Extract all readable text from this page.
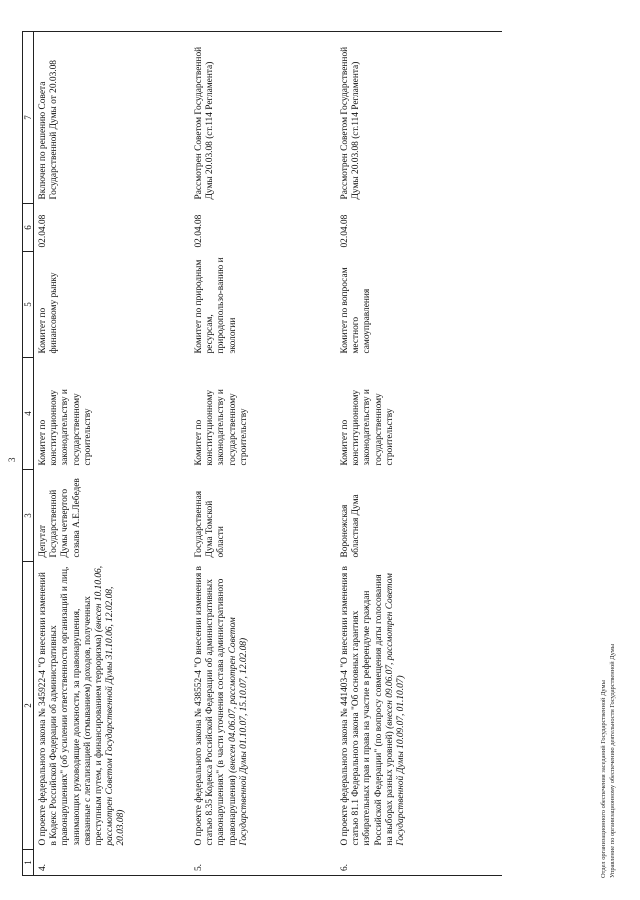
3
1	2	3	4	5	6	7
4.	О проекте федерального закона № 345922-4 "О внесении изменений в Кодекс Российской Федерации об административных правонарушениях" (об усилении ответственности организаций и лиц, занимающих руководящие должности, за правонарушения, связанные с легализацией (отмыванием) доходов, полученных преступным путем, и финансированием терроризма) (внесен 10.10.06, рассмотрен Советом Государственной Думы 31.10.06, 12.02.08, 20.03.08)	Депутат Государственной Думы четвертого созыва А.Е.Лебедев	Комитет по конституционному законодательству и государственному строительству	Комитет по финансовому рынку	02.04.08	Включен по решению Совета Государственной Думы от 20.03.08
5.	О проекте федерального закона № 438552-4 "О внесении изменения в статью 8.35 Кодекса Российской Федерации об административных правонарушениях" (в части уточнения состава административного правонарушения) (внесен 04.06.07, рассмотрен Советом Государственной Думы 01.10.07, 15.10.07, 12.02.08)	Государственная Дума Томской области	Комитет по конституционному законодательству и государственному строительству	Комитет по природным ресурсам, природопользо-ванию и экологии	02.04.08	Рассмотрен Советом Государственной Думы 20.03.08 (ст.114 Регламента)
6.	О проекте федерального закона № 441403-4 "О внесении изменения в статью 81.1 Федерального закона "Об основных гарантиях избирательных прав и права на участие в референдуме граждан Российской Федерации" (по вопросу совмещения даты голосования на выборах разных уровней) (внесен 09.06.07, рассмотрен Советом Государственной Думы 10.09.07, 01.10.07)	Воронежская областная Дума	Комитет по конституционному законодательству и государственному строительству	Комитет по вопросам местного самоуправления	02.04.08	Рассмотрен Советом Государственной Думы 20.03.08 (ст.114 Регламента)
Отдел организационного обеспечения заседаний Государственной Думы Управление по организационному обеспечению деятельности Государственной Думы
